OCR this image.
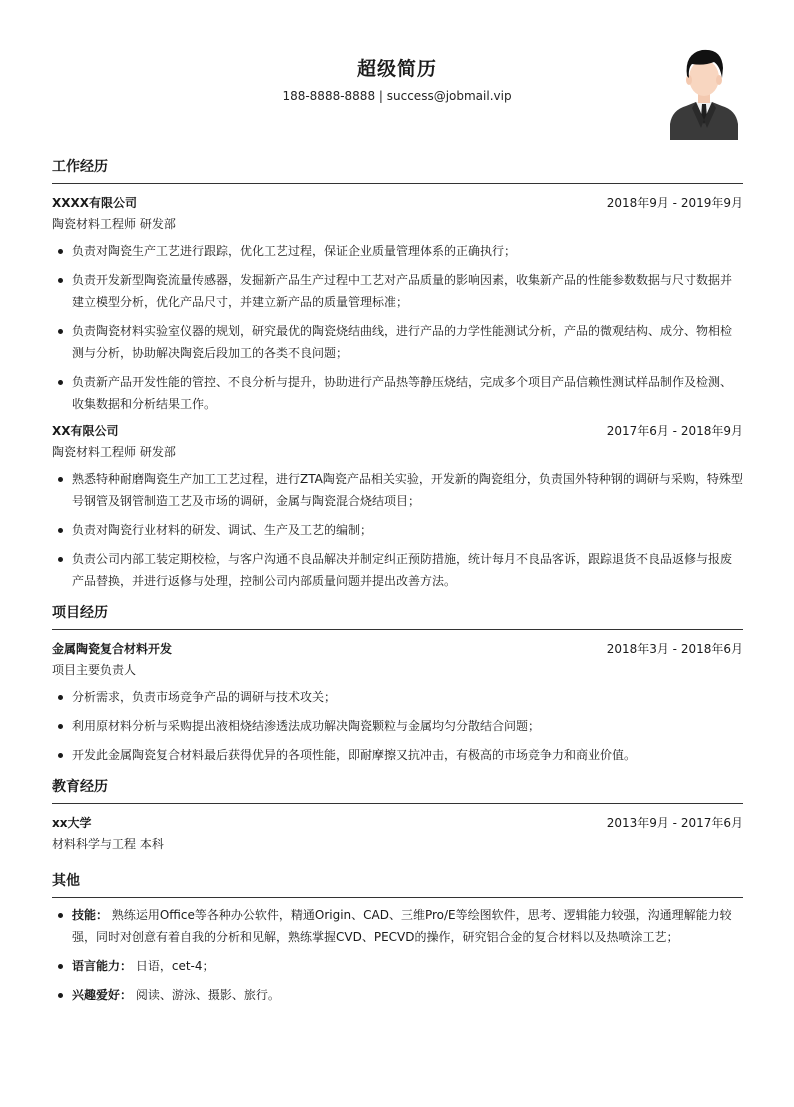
超级简历
188-8888-8888 | success@jobmail.vip
工作经历
XXXX有限公司	2018年9月 - 2019年9月
陶瓷材料工程师 研发部
负责对陶瓷生产工艺进行跟踪，优化工艺过程，保证企业质量管理体系的正确执行；
负责开发新型陶瓷流量传感器，发掘新产品生产过程中工艺对产品质量的影响因素，收集新产品的性能参数数据与尺寸数据并建立模型分析，优化产品尺寸，并建立新产品的质量管理标准；
负责陶瓷材料实验室仪器的规划，研究最优的陶瓷烧结曲线，进行产品的力学性能测试分析，产品的微观结构、成分、物相检测与分析，协助解决陶瓷后段加工的各类不良问题；
负责新产品开发性能的管控、不良分析与提升，协助进行产品热等静压烧结，完成多个项目产品信赖性测试样品制作及检测、收集数据和分析结果工作。
XX有限公司	2017年6月 - 2018年9月
陶瓷材料工程师 研发部
熟悉特种耐磨陶瓷生产加工工艺过程，进行ZTA陶瓷产品相关实验，开发新的陶瓷组分，负责国外特种钢的调研与采购，特殊型号钢管及钢管制造工艺及市场的调研，金属与陶瓷混合烧结项目；
负责对陶瓷行业材料的研发、调试、生产及工艺的编制；
负责公司内部工装定期校检，与客户沟通不良品解决并制定纠正预防措施，统计每月不良品客诉，跟踪退货不良品返修与报废产品替换，并进行返修与处理，控制公司内部质量问题并提出改善方法。
项目经历
金属陶瓷复合材料开发	2018年3月 - 2018年6月
项目主要负责人
分析需求，负责市场竞争产品的调研与技术攻关；
利用原材料分析与采购提出液相烧结渗透法成功解决陶瓷颗粒与金属均匀分散结合问题；
开发此金属陶瓷复合材料最后获得优异的各项性能，即耐摩擦又抗冲击，有极高的市场竞争力和商业价值。
教育经历
xx大学	2013年9月 - 2017年6月
材料科学与工程 本科
其他
技能： 熟练运用Office等各种办公软件，精通Origin、CAD、三维Pro/E等绘图软件，思考、逻辑能力较强，沟通理解能力较强，同时对创意有着自我的分析和见解，熟练掌握CVD、PECVD的操作，研究铝合金的复合材料以及热喷涂工艺；
语言能力： 日语，cet-4；
兴趣爱好： 阅读、游泳、摄影、旅行。
